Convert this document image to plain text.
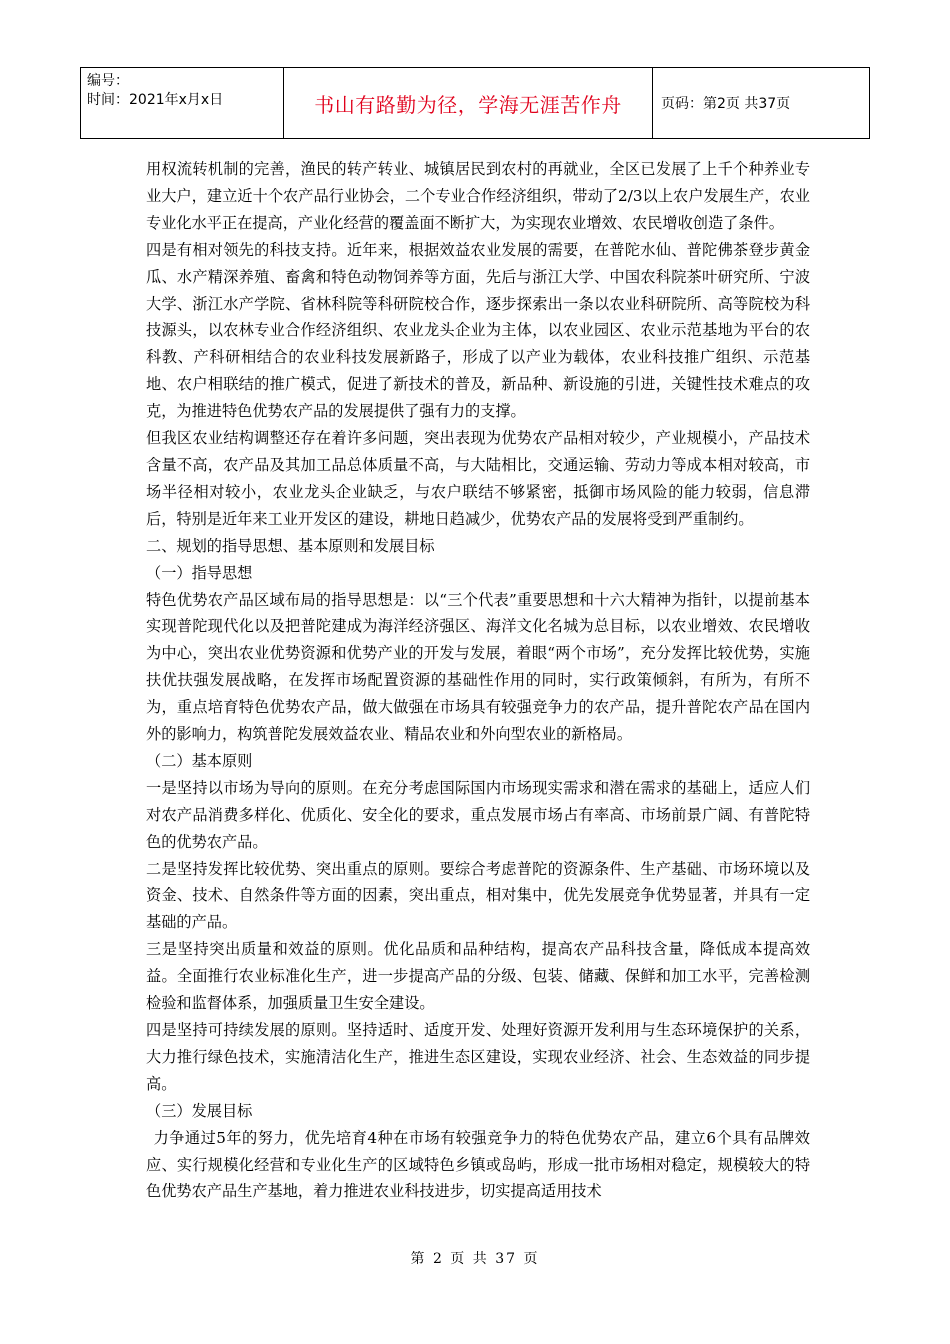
编号：
时间：2021年x月x日	书山有路勤为径，学海无涯苦作舟	页码：第2页 共37页

用权流转机制的完善，渔民的转产转业、城镇居民到农村的再就业，全区已发展了上千个种养业专业大户，建立近十个农产品行业协会，二个专业合作经济组织，带动了2/3以上农户发展生产，农业专业化水平正在提高，产业化经营的覆盖面不断扩大，为实现农业增效、农民增收创造了条件。

四是有相对领先的科技支持。近年来，根据效益农业发展的需要，在普陀水仙、普陀佛茶登步黄金瓜、水产精深养殖、畜禽和特色动物饲养等方面，先后与浙江大学、中国农科院茶叶研究所、宁波大学、浙江水产学院、省林科院等科研院校合作，逐步探索出一条以农业科研院所、高等院校为科技源头，以农林专业合作经济组织、农业龙头企业为主体，以农业园区、农业示范基地为平台的农科教、产科研相结合的农业科技发展新路子，形成了以产业为载体，农业科技推广组织、示范基地、农户相联结的推广模式，促进了新技术的普及，新品种、新设施的引进，关键性技术难点的攻克，为推进特色优势农产品的发展提供了强有力的支撑。

但我区农业结构调整还存在着许多问题，突出表现为优势农产品相对较少，产业规模小，产品技术含量不高，农产品及其加工品总体质量不高，与大陆相比，交通运输、劳动力等成本相对较高，市场半径相对较小，农业龙头企业缺乏，与农户联结不够紧密，抵御市场风险的能力较弱，信息滞后，特别是近年来工业开发区的建设，耕地日趋减少，优势农产品的发展将受到严重制约。

二、规划的指导思想、基本原则和发展目标

（一）指导思想

特色优势农产品区域布局的指导思想是：以“三个代表”重要思想和十六大精神为指针，以提前基本实现普陀现代化以及把普陀建成为海洋经济强区、海洋文化名城为总目标，以农业增效、农民增收为中心，突出农业优势资源和优势产业的开发与发展，着眼“两个市场”，充分发挥比较优势，实施扶优扶强发展战略，在发挥市场配置资源的基础性作用的同时，实行政策倾斜，有所为，有所不为，重点培育特色优势农产品，做大做强在市场具有较强竞争力的农产品，提升普陀农产品在国内外的影响力，构筑普陀发展效益农业、精品农业和外向型农业的新格局。

（二）基本原则

一是坚持以市场为导向的原则。在充分考虑国际国内市场现实需求和潜在需求的基础上，适应人们对农产品消费多样化、优质化、安全化的要求，重点发展市场占有率高、市场前景广阔、有普陀特色的优势农产品。

二是坚持发挥比较优势、突出重点的原则。要综合考虑普陀的资源条件、生产基础、市场环境以及资金、技术、自然条件等方面的因素，突出重点，相对集中，优先发展竞争优势显著，并具有一定基础的产品。

三是坚持突出质量和效益的原则。优化品质和品种结构，提高农产品科技含量，降低成本提高效益。全面推行农业标准化生产，进一步提高产品的分级、包装、储藏、保鲜和加工水平，完善检测检验和监督体系，加强质量卫生安全建设。

四是坚持可持续发展的原则。坚持适时、适度开发、处理好资源开发利用与生态环境保护的关系，大力推行绿色技术，实施清洁化生产，推进生态区建设，实现农业经济、社会、生态效益的同步提高。

（三）发展目标

力争通过5年的努力，优先培育4种在市场有较强竞争力的特色优势农产品，建立6个具有品牌效应、实行规模化经营和专业化生产的区域特色乡镇或岛屿，形成一批市场相对稳定，规模较大的特色优势农产品生产基地，着力推进农业科技进步，切实提高适用技术

第 2 页 共 37 页
